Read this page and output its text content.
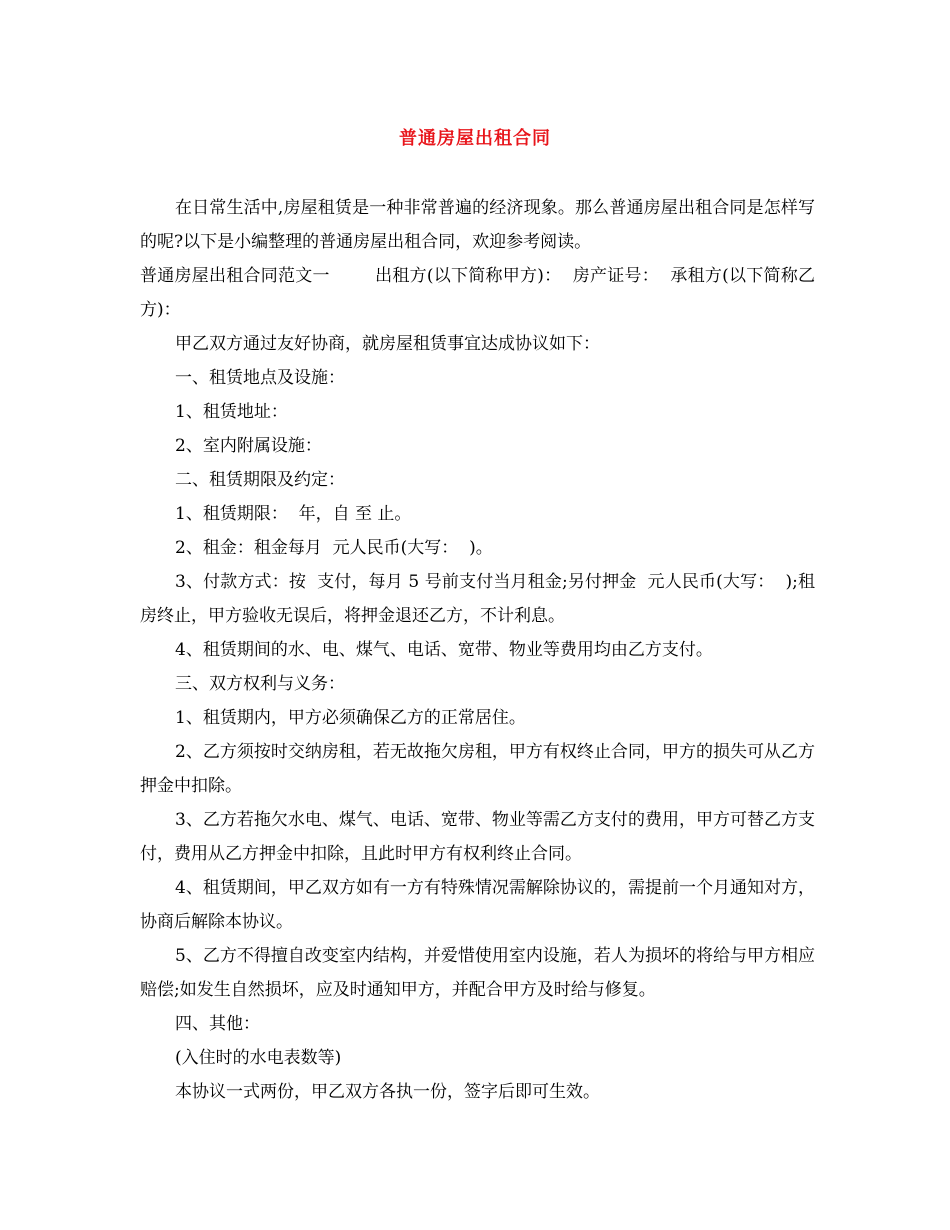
普通房屋出租合同

在日常生活中,房屋租赁是一种非常普遍的经济现象。那么普通房屋出租合同是怎样写的呢?以下是小编整理的普通房屋出租合同，欢迎参考阅读。

普通房屋出租合同范文一        出租方(以下简称甲方)：  房产证号：  承租方(以下简称乙方)：

甲乙双方通过友好协商，就房屋租赁事宜达成协议如下：

一、租赁地点及设施：

1、租赁地址：

2、室内附属设施：

二、租赁期限及约定：

1、租赁期限：  年，自 至 止。

2、租金：租金每月  元人民币(大写：  )。

3、付款方式：按  支付，每月 5 号前支付当月租金;另付押金  元人民币(大写：  );租房终止，甲方验收无误后，将押金退还乙方，不计利息。

4、租赁期间的水、电、煤气、电话、宽带、物业等费用均由乙方支付。

三、双方权利与义务：

1、租赁期内，甲方必须确保乙方的正常居住。

2、乙方须按时交纳房租，若无故拖欠房租，甲方有权终止合同，甲方的损失可从乙方押金中扣除。

3、乙方若拖欠水电、煤气、电话、宽带、物业等需乙方支付的费用，甲方可替乙方支付，费用从乙方押金中扣除，且此时甲方有权利终止合同。

4、租赁期间，甲乙双方如有一方有特殊情况需解除协议的，需提前一个月通知对方，协商后解除本协议。

5、乙方不得擅自改变室内结构，并爱惜使用室内设施，若人为损坏的将给与甲方相应赔偿;如发生自然损坏，应及时通知甲方，并配合甲方及时给与修复。

四、其他：

(入住时的水电表数等)

本协议一式两份，甲乙双方各执一份，签字后即可生效。
